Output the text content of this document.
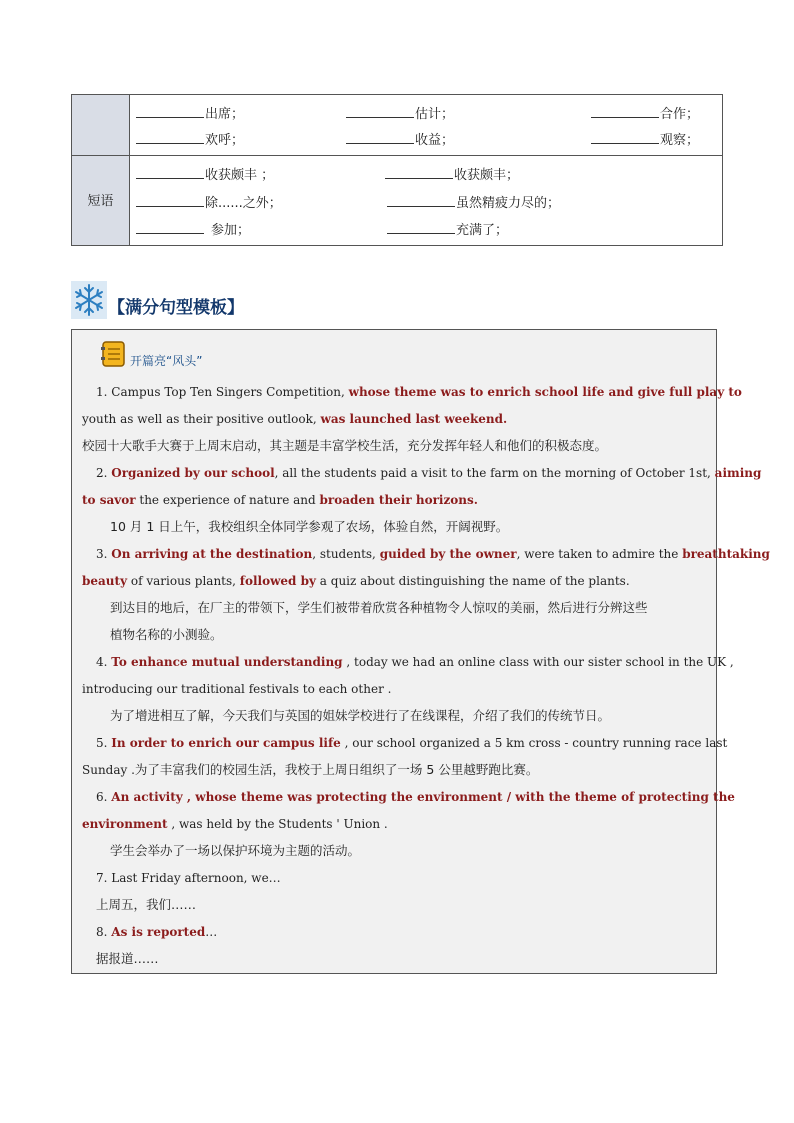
出席；	估计；	合作；
欢呼；	收益；	观察；
短语
收获颇丰 ；	收获颇丰；
除......之外；	虽然精疲力尽的；
参加；	充满了；
【满分句型模板】
开篇亮“风头”
1. Campus Top Ten Singers Competition, whose theme was to enrich school life and give full play to
youth as well as their positive outlook, was launched last weekend.
校园十大歌手大赛于上周末启动，其主题是丰富学校生活，充分发挥年轻人和他们的积极态度。
2. Organized by our school, all the students paid a visit to the farm on the morning of October 1st, aiming
to savor the experience of nature and broaden their horizons.
10 月 1 日上午，我校组织全体同学参观了农场，体验自然，开阔视野。
3. On arriving at the destination, students, guided by the owner, were taken to admire the breathtaking
beauty of various plants, followed by a quiz about distinguishing the name of the plants.
到达目的地后，在厂主的带领下，学生们被带着欣赏各种植物令人惊叹的美丽，然后进行分辨这些
植物名称的小测验。
4. To enhance mutual understanding , today we had an online class with our sister school in the UK ,
introducing our traditional festivals to each other .
为了增进相互了解，今天我们与英国的姐妹学校进行了在线课程，介绍了我们的传统节日。
5. In order to enrich our campus life , our school organized a 5 km cross - country running race last
Sunday .为了丰富我们的校园生活，我校于上周日组织了一场 5 公里越野跑比赛。
6. An activity , whose theme was protecting the environment / with the theme of protecting the
environment , was held by the Students ' Union .
学生会举办了一场以保护环境为主题的活动。
7. Last Friday afternoon, we…
上周五，我们……
8. As is reported…
据报道……
